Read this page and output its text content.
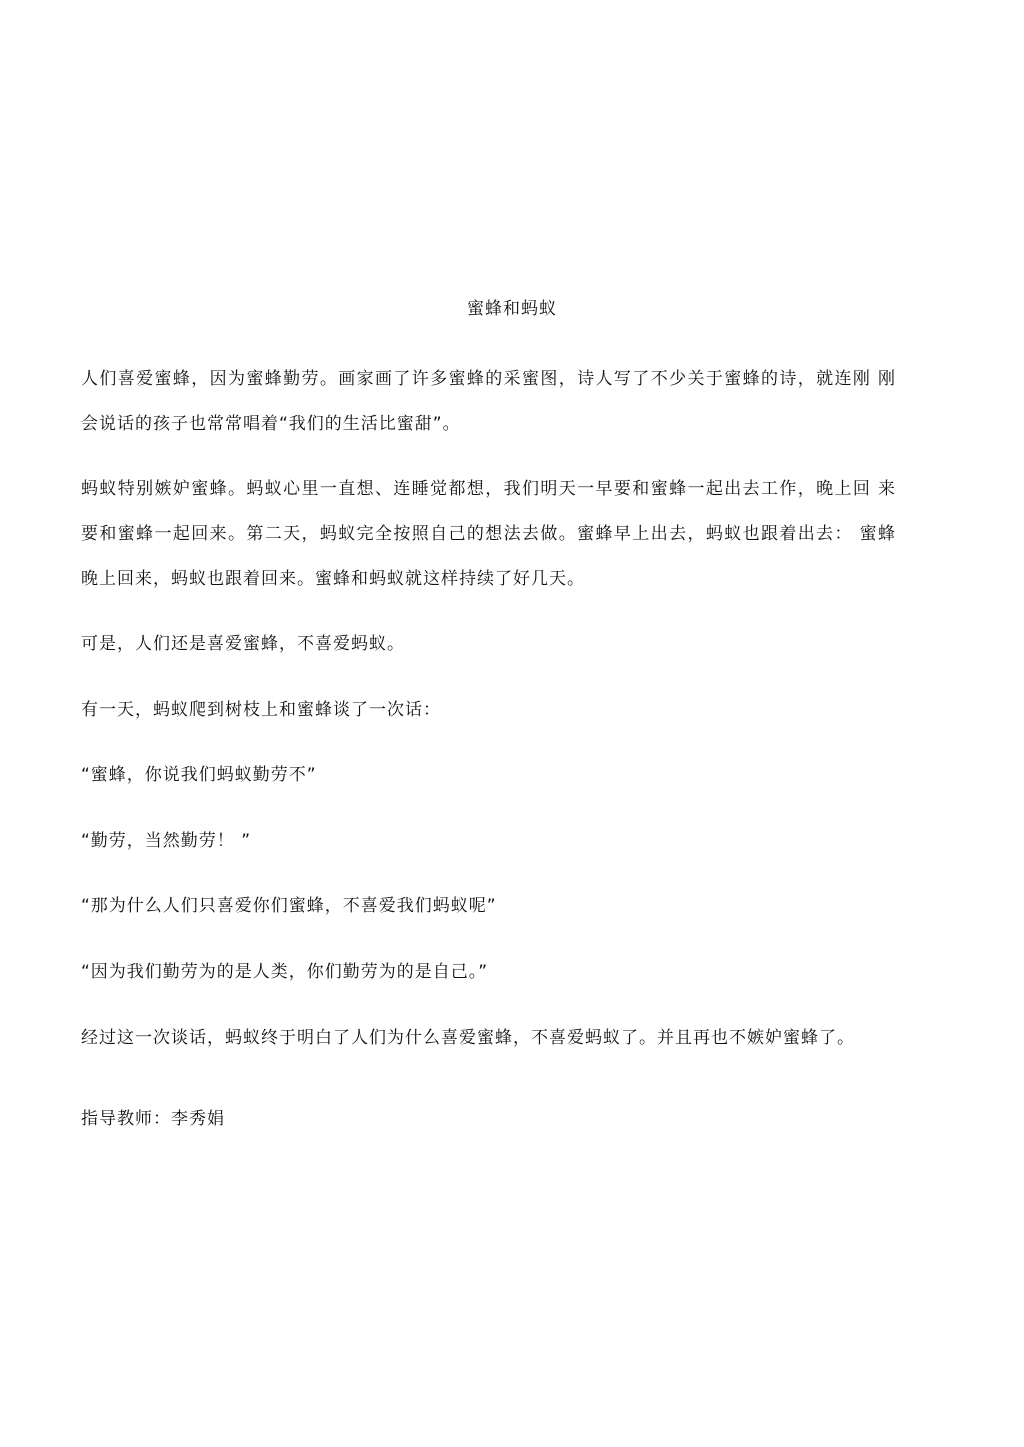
蜜蜂和蚂蚁

人们喜爱蜜蜂，因为蜜蜂勤劳。画家画了许多蜜蜂的采蜜图，诗人写了不少关于蜜蜂的诗，就连刚 刚
会说话的孩子也常常唱着“我们的生活比蜜甜”。

蚂蚁特别嫉妒蜜蜂。蚂蚁心里一直想、连睡觉都想，我们明天一早要和蜜蜂一起出去工作，晚上回 来
要和蜜蜂一起回来。第二天，蚂蚁完全按照自己的想法去做。蜜蜂早上出去，蚂蚁也跟着出去： 蜜蜂
晚上回来，蚂蚁也跟着回来。蜜蜂和蚂蚁就这样持续了好几天。

可是，人们还是喜爱蜜蜂，不喜爱蚂蚁。

有一天，蚂蚁爬到树枝上和蜜蜂谈了一次话：

“蜜蜂，你说我们蚂蚁勤劳不”

“勤劳，当然勤劳！ ”

“那为什么人们只喜爱你们蜜蜂，不喜爱我们蚂蚁呢”

“因为我们勤劳为的是人类，你们勤劳为的是自己。”

经过这一次谈话，蚂蚁终于明白了人们为什么喜爱蜜蜂，不喜爱蚂蚁了。并且再也不嫉妒蜜蜂了。

指导教师：李秀娟
